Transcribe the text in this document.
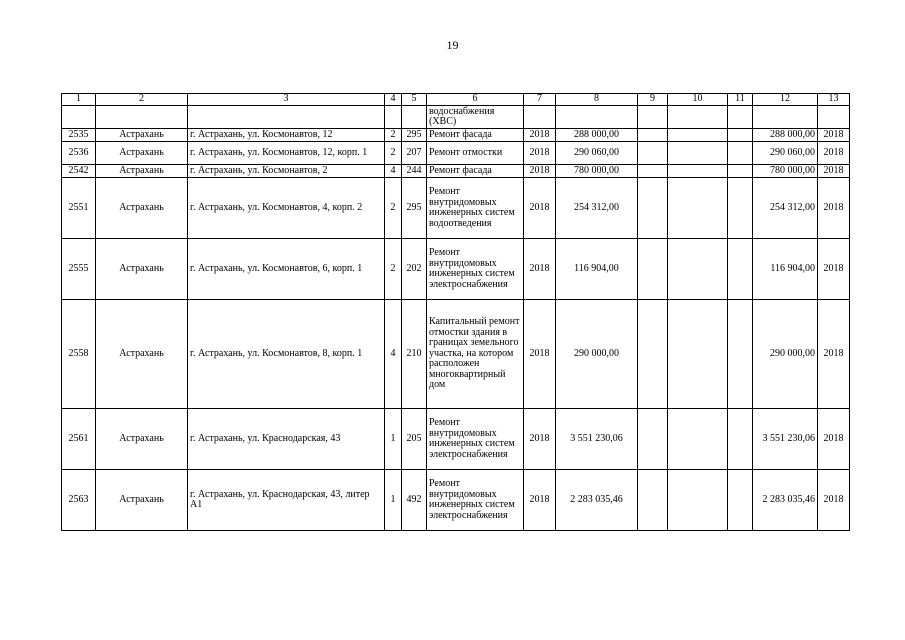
19
1	2	3	4	5	6	7	8	9	10	11	12	13
					водоснабжения (ХВС)							
2535	Астрахань	г. Астрахань, ул. Космонавтов, 12	2	295	Ремонт фасада	2018	288 000,00				288 000,00	2018
2536	Астрахань	г. Астрахань, ул. Космонавтов, 12, корп. 1	2	207	Ремонт отмостки	2018	290 060,00				290 060,00	2018
2542	Астрахань	г. Астрахань, ул. Космонавтов, 2	4	244	Ремонт фасада	2018	780 000,00				780 000,00	2018
2551	Астрахань	г. Астрахань, ул. Космонавтов, 4, корп. 2	2	295	Ремонт внутридомовых инженерных систем водоотведения	2018	254 312,00				254 312,00	2018
2555	Астрахань	г. Астрахань, ул. Космонавтов, 6, корп. 1	2	202	Ремонт внутридомовых инженерных систем электроснабжения	2018	116 904,00				116 904,00	2018
2558	Астрахань	г. Астрахань, ул. Космонавтов, 8, корп. 1	4	210	Капитальный ремонт отмостки здания в границах земельного участка, на котором расположен многоквартирный дом	2018	290 000,00				290 000,00	2018
2561	Астрахань	г. Астрахань, ул. Краснодарская, 43	1	205	Ремонт внутридомовых инженерных систем электроснабжения	2018	3 551 230,06				3 551 230,06	2018
2563	Астрахань	г. Астрахань, ул. Краснодарская, 43, литер А1	1	492	Ремонт внутридомовых инженерных систем электроснабжения	2018	2 283 035,46				2 283 035,46	2018
